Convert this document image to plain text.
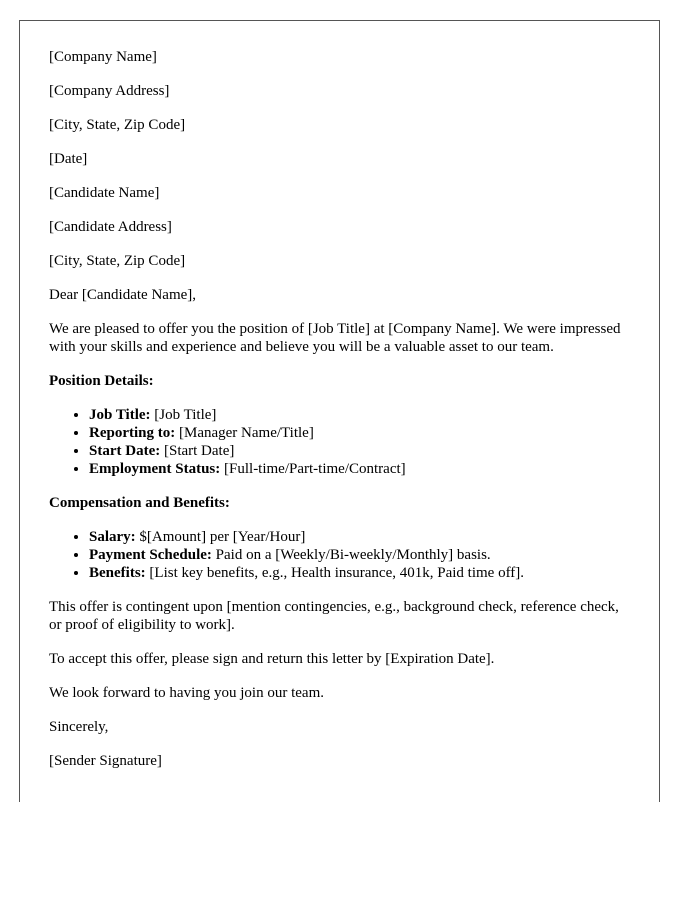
[Company Name]
[Company Address]
[City, State, Zip Code]
[Date]
[Candidate Name]
[Candidate Address]
[City, State, Zip Code]
Dear [Candidate Name],
We are pleased to offer you the position of [Job Title] at [Company Name]. We were impressed with your skills and experience and believe you will be a valuable asset to our team.
Position Details:
• Job Title: [Job Title]
• Reporting to: [Manager Name/Title]
• Start Date: [Start Date]
• Employment Status: [Full-time/Part-time/Contract]
Compensation and Benefits:
• Salary: $[Amount] per [Year/Hour]
• Payment Schedule: Paid on a [Weekly/Bi-weekly/Monthly] basis.
• Benefits: [List key benefits, e.g., Health insurance, 401k, Paid time off].
This offer is contingent upon [mention contingencies, e.g., background check, reference check, or proof of eligibility to work].
To accept this offer, please sign and return this letter by [Expiration Date].
We look forward to having you join our team.
Sincerely,
[Sender Signature]
